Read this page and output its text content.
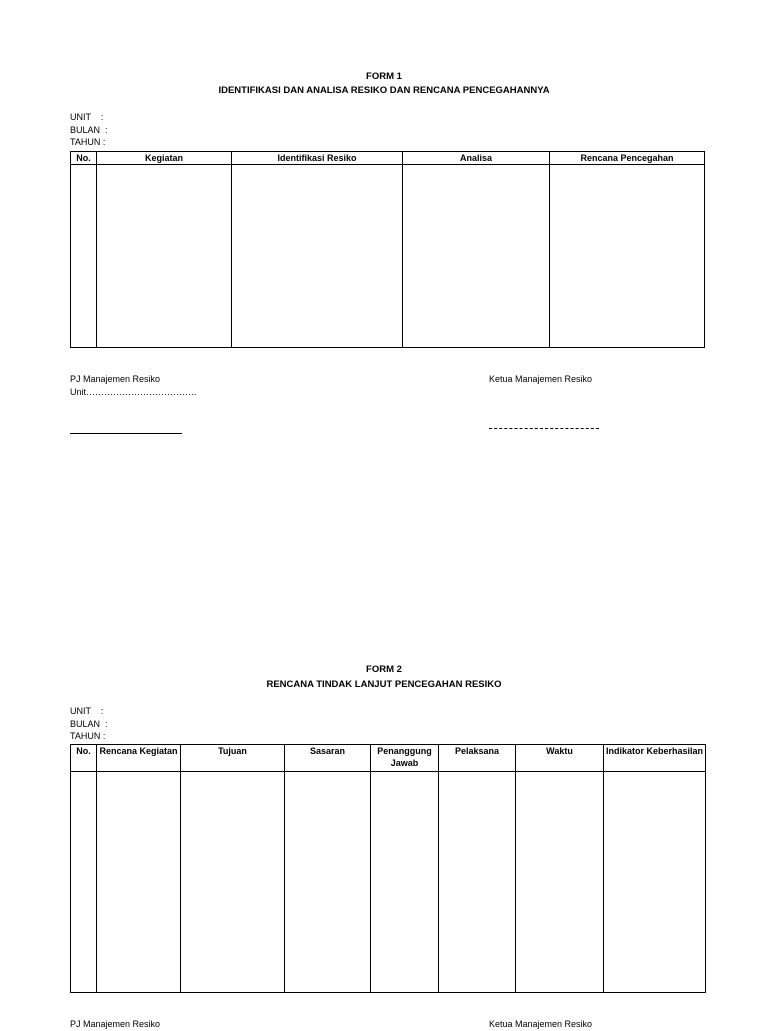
FORM 1
IDENTIFIKASI DAN ANALISA RESIKO DAN RENCANA PENCEGAHANNYA
UNIT    :
BULAN  :
TAHUN :
No.	Kegiatan	Identifikasi Resiko	Analisa	Rencana Pencegahan

PJ Manajemen Resiko
Unit……………………………….
Ketua Manajemen Resiko
FORM 2
RENCANA TINDAK LANJUT PENCEGAHAN RESIKO
UNIT    :
BULAN  :
TAHUN :
No.	Rencana Kegiatan	Tujuan	Sasaran	Penanggung Jawab	Pelaksana	Waktu	Indikator Keberhasilan

PJ Manajemen Resiko	Ketua Manajemen Resiko
